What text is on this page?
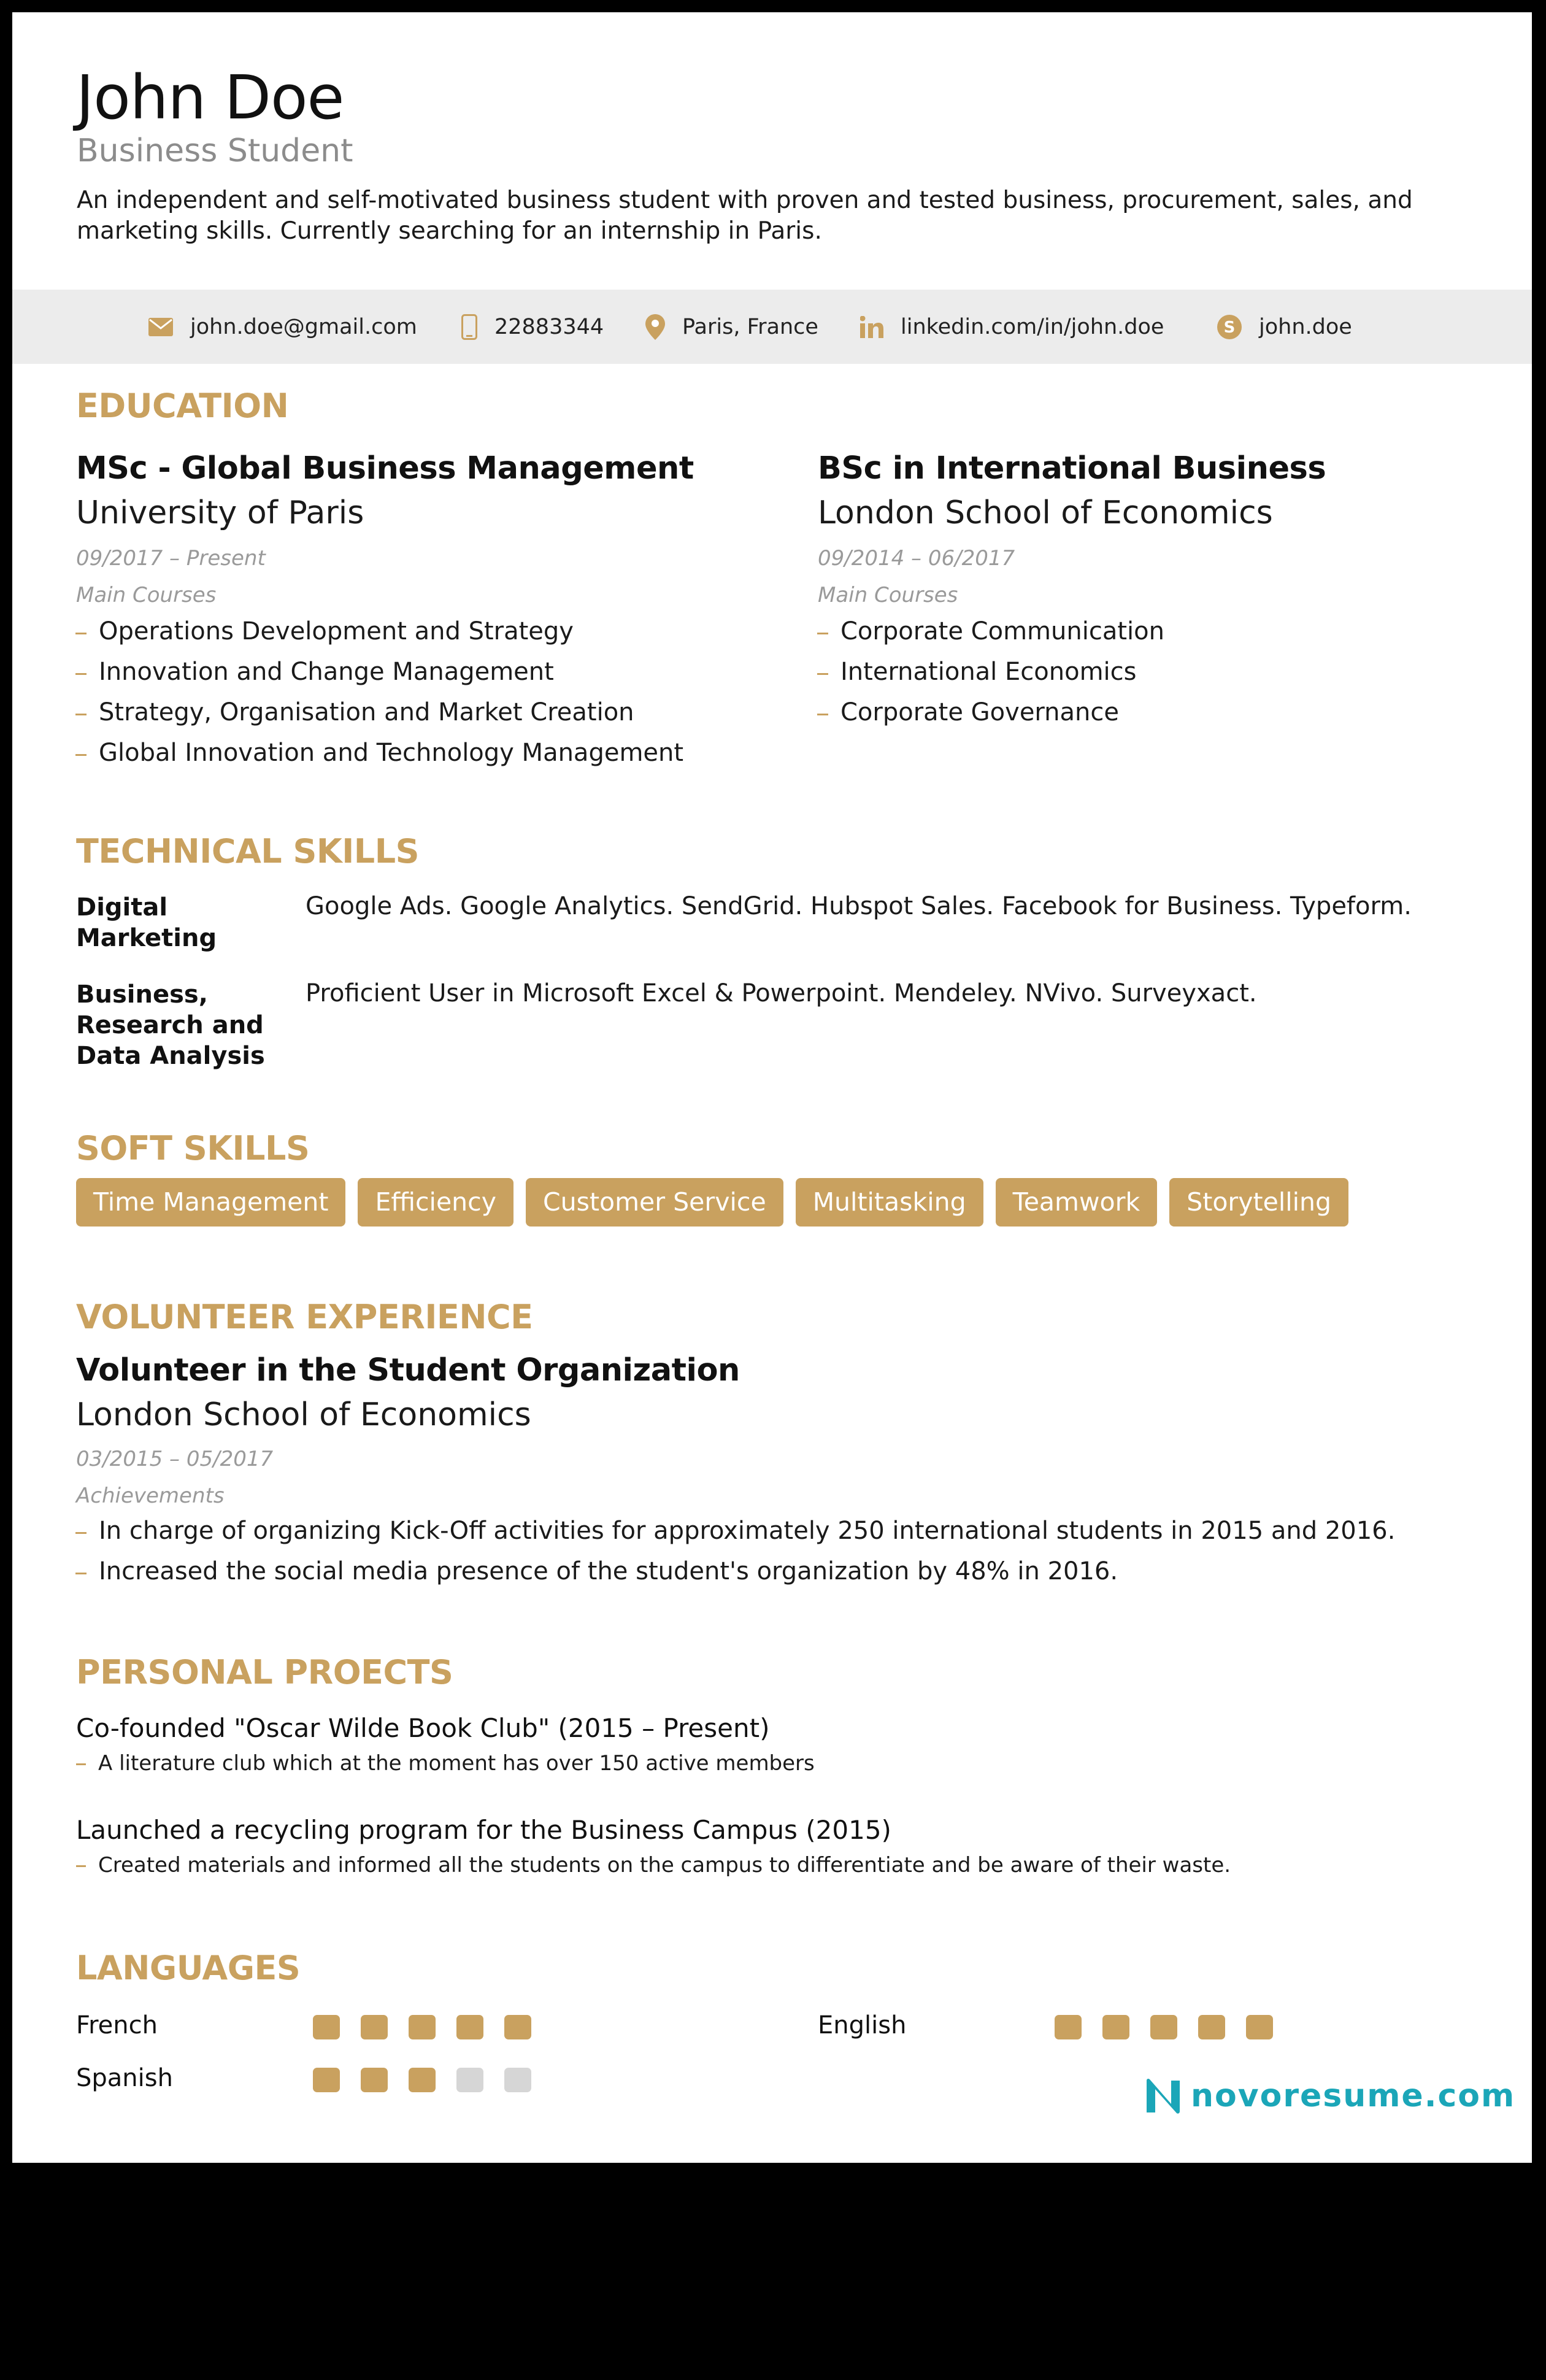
John Doe
Business Student
An independent and self-motivated business student with proven and tested business, procurement, sales, and marketing skills. Currently searching for an internship in Paris.
john.doe@gmail.com	22883344	Paris, France	linkedin.com/in/john.doe	S john.doe
EDUCATION
MSc - Global Business Management
University of Paris
09/2017 – Present
Main Courses
Operations Development and Strategy
Innovation and Change Management
Strategy, Organisation and Market Creation
Global Innovation and Technology Management
BSc in International Business
London School of Economics
09/2014 – 06/2017
Main Courses
Corporate Communication
International Economics
Corporate Governance
TECHNICAL SKILLS
Digital Marketing
Google Ads. Google Analytics. SendGrid. Hubspot Sales. Facebook for Business. Typeform.
Business, Research and Data Analysis
Proficient User in Microsoft Excel & Powerpoint. Mendeley. NVivo. Surveyxact.
SOFT SKILLS
Time Management	Efficiency	Customer Service	Multitasking	Teamwork	Storytelling
VOLUNTEER EXPERIENCE
Volunteer in the Student Organization
London School of Economics
03/2015 – 05/2017
Achievements
In charge of organizing Kick-Off activities for approximately 250 international students in 2015 and 2016.
Increased the social media presence of the student's organization by 48% in 2016.
PERSONAL PROECTS
Co-founded "Oscar Wilde Book Club" (2015 – Present)
A literature club which at the moment has over 150 active members
Launched a recycling program for the Business Campus (2015)
Created materials and informed all the students on the campus to differentiate and be aware of their waste.
LANGUAGES
French	English
Spanish	novoresume.com
